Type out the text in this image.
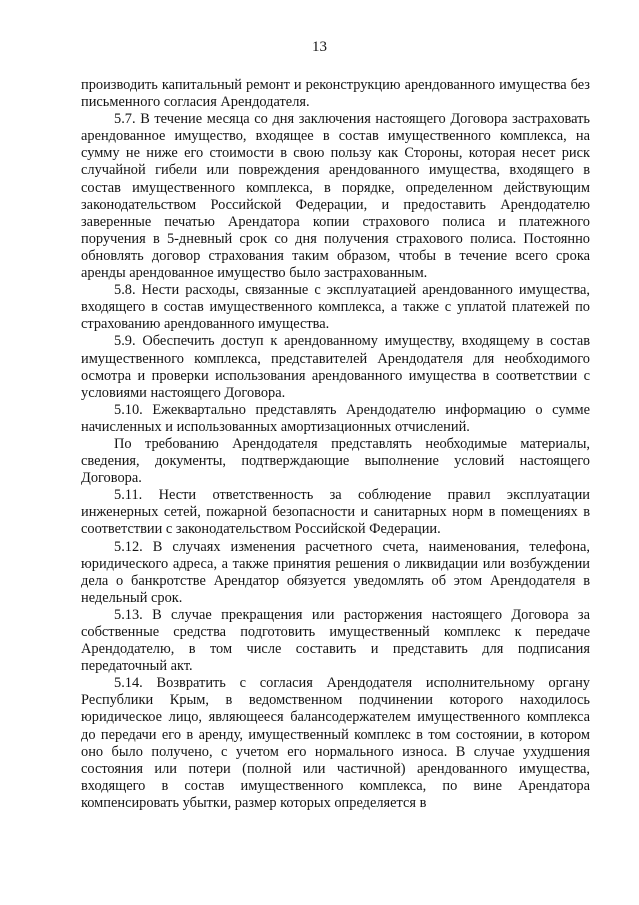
13

производить капитальный ремонт и реконструкцию арендованного имущества без письменного согласия Арендодателя.

5.7. В течение месяца со дня заключения настоящего Договора застраховать арендованное имущество, входящее в состав имущественного комплекса, на сумму не ниже его стоимости в свою пользу как Стороны, которая несет риск случайной гибели или повреждения арендованного имущества, входящего в состав имущественного комплекса, в порядке, определенном действующим законодательством Российской Федерации, и предоставить Арендодателю заверенные печатью Арендатора копии страхового полиса и платежного поручения в 5-дневный срок со дня получения страхового полиса. Постоянно обновлять договор страхования таким образом, чтобы в течение всего срока аренды арендованное имущество было застрахованным.

5.8. Нести расходы, связанные с эксплуатацией арендованного имущества, входящего в состав имущественного комплекса, а также с уплатой платежей по страхованию арендованного имущества.

5.9. Обеспечить доступ к арендованному имуществу, входящему в состав имущественного комплекса, представителей Арендодателя для необходимого осмотра и проверки использования арендованного имущества в соответствии с условиями настоящего Договора.

5.10. Ежеквартально представлять Арендодателю информацию о сумме начисленных и использованных амортизационных отчислений.

По требованию Арендодателя представлять необходимые материалы, сведения, документы, подтверждающие выполнение условий настоящего Договора.

5.11. Нести ответственность за соблюдение правил эксплуатации инженерных сетей, пожарной безопасности и санитарных норм в помещениях в соответствии с законодательством Российской Федерации.

5.12. В случаях изменения расчетного счета, наименования, телефона, юридического адреса, а также принятия решения о ликвидации или возбуждении дела о банкротстве Арендатор обязуется уведомлять об этом Арендодателя в недельный срок.

5.13. В случае прекращения или расторжения настоящего Договора за собственные средства подготовить имущественный комплекс к передаче Арендодателю, в том числе составить и представить для подписания передаточный акт.

5.14. Возвратить с согласия Арендодателя исполнительному органу Республики Крым, в ведомственном подчинении которого находилось юридическое лицо, являющееся балансодержателем имущественного комплекса до передачи его в аренду, имущественный комплекс в том состоянии, в котором оно было получено, с учетом его нормального износа. В случае ухудшения состояния или потери (полной или частичной) арендованного имущества, входящего в состав имущественного комплекса, по вине Арендатора компенсировать убытки, размер которых определяется в
